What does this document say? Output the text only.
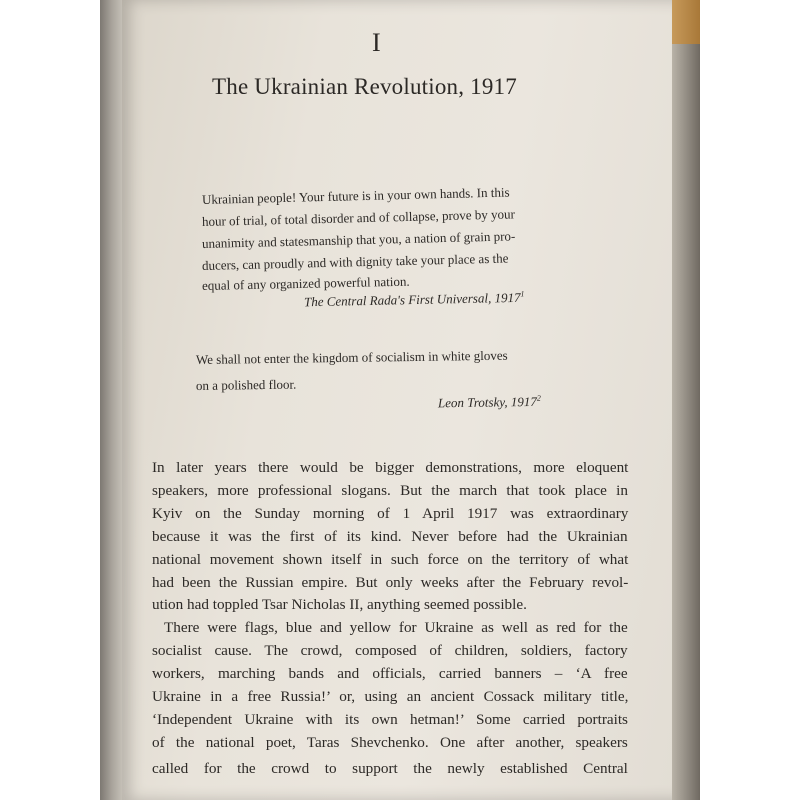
I
The Ukrainian Revolution, 1917
Ukrainian people! Your future is in your own hands. In this
hour of trial, of total disorder and of collapse, prove by your
unanimity and statesmanship that you, a nation of grain pro-
ducers, can proudly and with dignity take your place as the
equal of any organized powerful nation.
The Central Rada's First Universal, 1917$^1$
We shall not enter the kingdom of socialism in white gloves
on a polished floor.
Leon Trotsky, 1917$^2$
In later years there would be bigger demonstrations, more eloquent
speakers, more professional slogans. But the march that took place in
Kyiv on the Sunday morning of 1 April 1917 was extraordinary
because it was the first of its kind. Never before had the Ukrainian
national movement shown itself in such force on the territory of what
had been the Russian empire. But only weeks after the February revol-
ution had toppled Tsar Nicholas II, anything seemed possible.
There were flags, blue and yellow for Ukraine as well as red for the
socialist cause. The crowd, composed of children, soldiers, factory
workers, marching bands and officials, carried banners – ‘A free
Ukraine in a free Russia!’ or, using an ancient Cossack military title,
‘Independent Ukraine with its own hetman!’ Some carried portraits
of the national poet, Taras Shevchenko. One after another, speakers
called for the crowd to support the newly established Central
